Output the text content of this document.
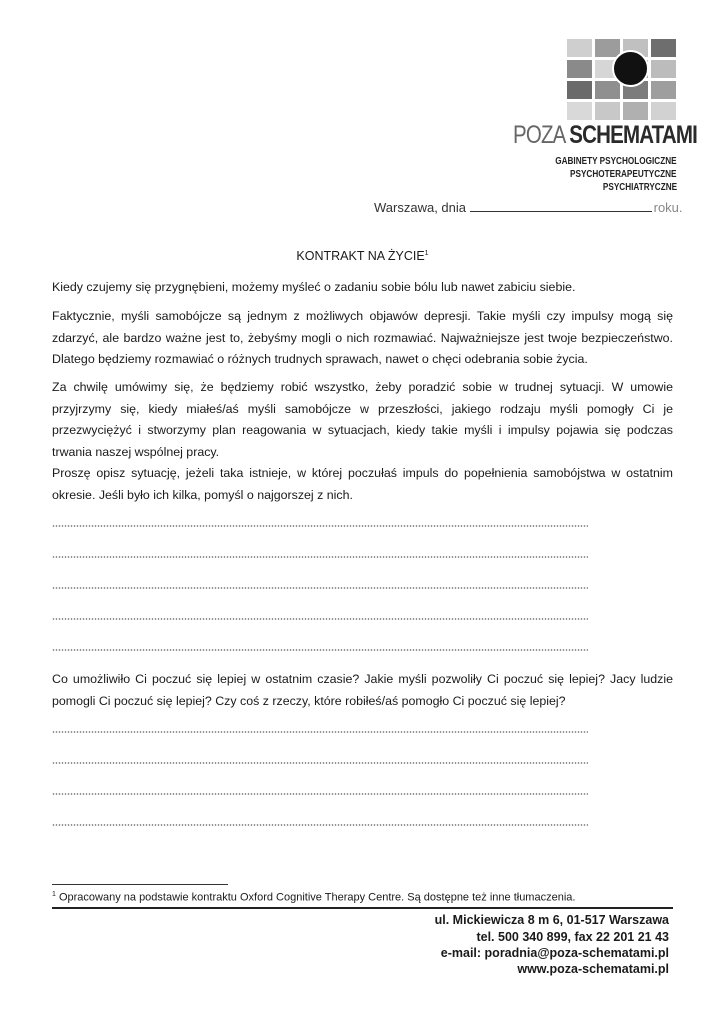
POZA SCHEMATAMI
GABINETY PSYCHOLOGICZNE
PSYCHOTERAPEUTYCZNE
PSYCHIATRYCZNE
Warszawa, dnia	roku.
KONTRAKT NA ŻYCIE$^1$
Kiedy czujemy się przygnębieni, możemy myśleć o zadaniu sobie bólu lub nawet zabiciu siebie.
Faktycznie, myśli samobójcze są jednym z możliwych objawów depresji. Takie myśli czy impulsy mogą się zdarzyć, ale bardzo ważne jest to, żebyśmy mogli o nich rozmawiać. Najważniejsze jest twoje bezpieczeństwo. Dlatego będziemy rozmawiać o różnych trudnych sprawach, nawet o chęci odebrania sobie życia.
Za chwilę umówimy się, że będziemy robić wszystko, żeby poradzić sobie w trudnej sytuacji. W umowie przyjrzymy się, kiedy miałeś/aś myśli samobójcze w przeszłości, jakiego rodzaju myśli pomogły Ci je przezwyciężyć i stworzymy plan reagowania w sytuacjach, kiedy takie myśli i impulsy pojawia się podczas trwania naszej wspólnej pracy.
Proszę opisz sytuację, jeżeli taka istnieje, w której poczułaś impuls do popełnienia samobójstwa w ostatnim okresie. Jeśli było ich kilka, pomyśl o najgorszej z nich.
Co umożliwiło Ci poczuć się lepiej w ostatnim czasie? Jakie myśli pozwoliły Ci poczuć się lepiej? Jacy ludzie pomogli Ci poczuć się lepiej? Czy coś z rzeczy, które robiłeś/aś pomogło Ci poczuć się lepiej?
$^1$ Opracowany na podstawie kontraktu Oxford Cognitive Therapy Centre. Są dostępne też inne tłumaczenia.
ul. Mickiewicza 8 m 6, 01-517 Warszawa
tel. 500 340 899, fax 22 201 21 43
e-mail: poradnia@poza-schematami.pl
www.poza-schematami.pl
